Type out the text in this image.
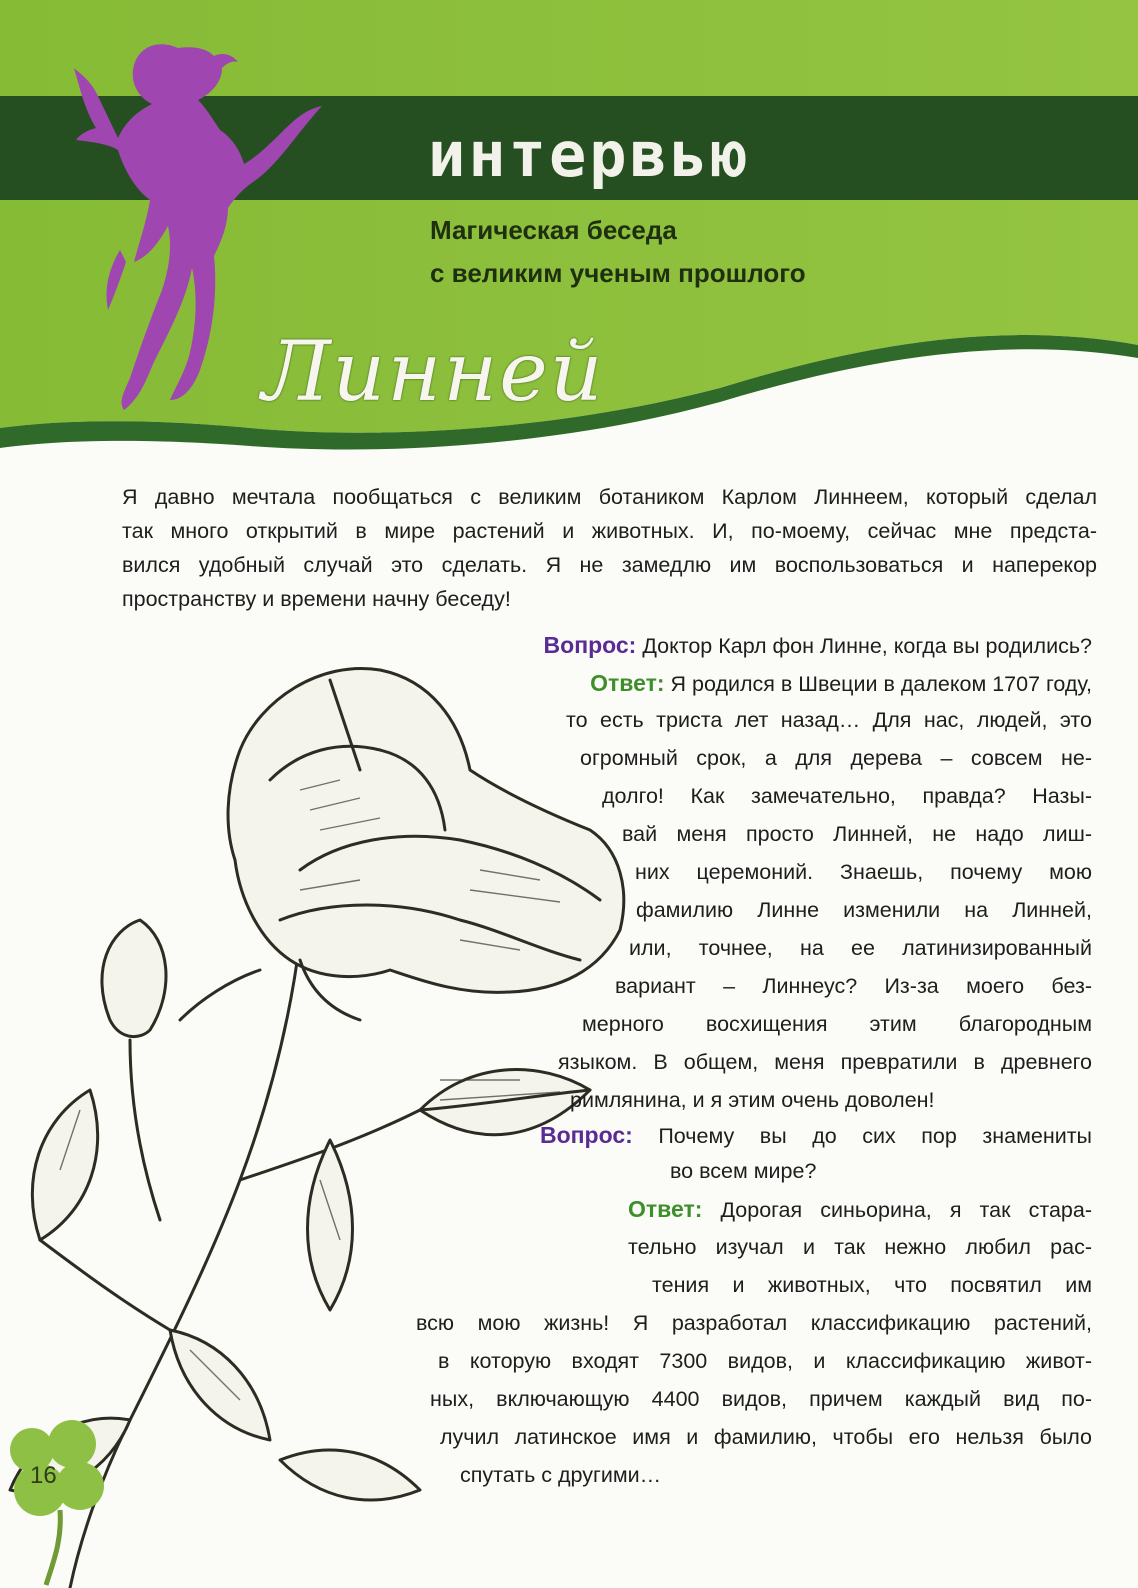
интервью
Магическая беседа
с великим ученым прошлого
Линней
Я давно мечтала пообщаться с великим ботаником Карлом Линнеем, который сделал
так много открытий в мире растений и животных. И, по-моему, сейчас мне предста-
вился удобный случай это сделать. Я не замедлю им воспользоваться и наперекор
пространству и времени начну беседу!
Вопрос: Доктор Карл фон Линне, когда вы родились?
Ответ: Я родился в Швеции в далеком 1707 году,
то есть триста лет назад… Для нас, людей, это
огромный срок, а для дерева – совсем не-
долго! Как замечательно, правда? Назы-
вай меня просто Линней, не надо лиш-
них церемоний. Знаешь, почему мою
фамилию Линне изменили на Линней,
или, точнее, на ее латинизированный
вариант – Линнеус? Из-за моего без-
мерного восхищения этим благородным
языком. В общем, меня превратили в древнего
римлянина, и я этим очень доволен!
Вопрос: Почему вы до сих пор знамениты
во всем мире?
Ответ: Дорогая синьорина, я так стара-
тельно изучал и так нежно любил рас-
тения и животных, что посвятил им
всю мою жизнь! Я разработал классификацию растений,
в которую входят 7300 видов, и классификацию живот-
ных, включающую 4400 видов, причем каждый вид по-
лучил латинское имя и фамилию, чтобы его нельзя было
спутать с другими…
16
